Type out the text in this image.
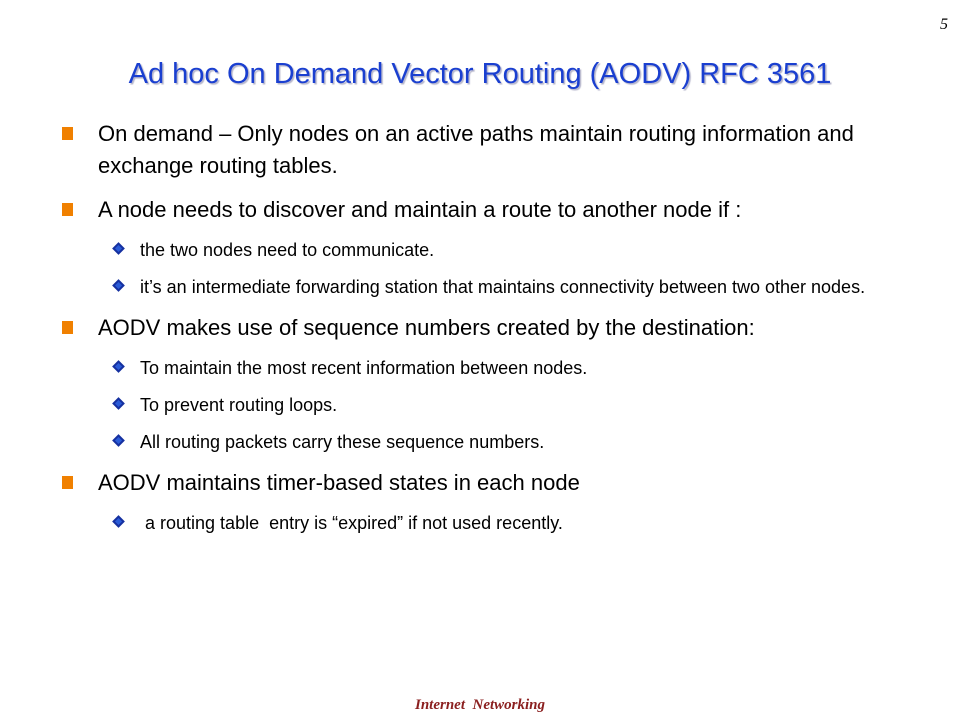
5
Ad hoc On Demand Vector Routing (AODV) RFC 3561
On demand – Only nodes on an active paths maintain routing information and exchange routing tables.
A node needs to discover and maintain a route to another node if :
the two nodes need to communicate.
it’s an intermediate forwarding station that maintains connectivity between two other nodes.
AODV makes use of sequence numbers created by the destination:
To maintain the most recent information between nodes.
To prevent routing loops.
All routing packets carry these sequence numbers.
AODV maintains timer-based states in each node
a routing table  entry is “expired” if not used recently.
Internet  Networking
